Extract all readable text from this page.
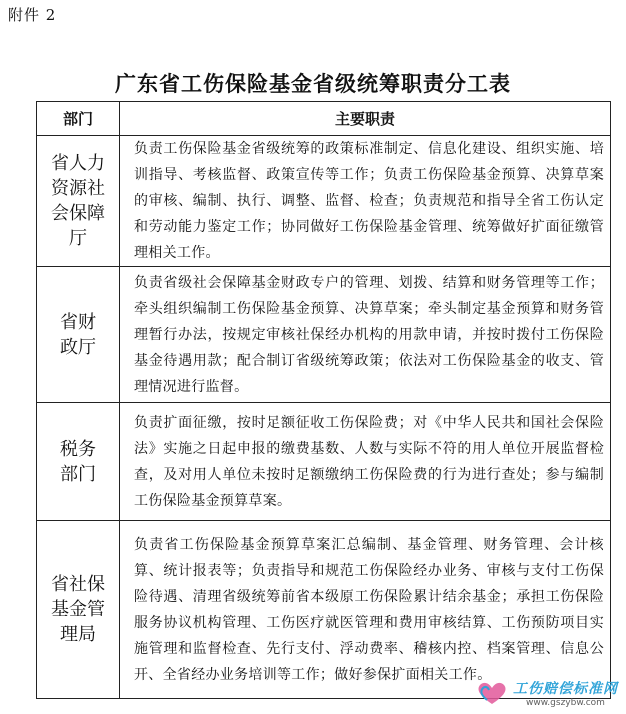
附件 2
广东省工伤保险基金省级统筹职责分工表
部门	主要职责

省人力
资源社
会保障
厅	负责工伤保险基金省级统筹的政策标准制定、信息化建设、组织实施、培训指导、考核监督、政策宣传等工作；负责工伤保险基金预算、决算草案的审核、编制、执行、调整、监督、检查；负责规范和指导全省工伤认定和劳动能力鉴定工作；协同做好工伤保险基金管理、统筹做好扩面征缴管理相关工作。

省财
政厅	负责省级社会保障基金财政专户的管理、划拨、结算和财务管理等工作；牵头组织编制工伤保险基金预算、决算草案；牵头制定基金预算和财务管理暂行办法，按规定审核社保经办机构的用款申请，并按时拨付工伤保险基金待遇用款；配合制订省级统筹政策；依法对工伤保险基金的收支、管理情况进行监督。

税务
部门	负责扩面征缴，按时足额征收工伤保险费；对《中华人民共和国社会保险法》实施之日起申报的缴费基数、人数与实际不符的用人单位开展监督检查，及对用人单位未按时足额缴纳工伤保险费的行为进行查处；参与编制工伤保险基金预算草案。

省社保
基金管
理局	负责省工伤保险基金预算草案汇总编制、基金管理、财务管理、会计核算、统计报表等；负责指导和规范工伤保险经办业务、审核与支付工伤保险待遇、清理省级统筹前省本级原工伤保险累计结余基金；承担工伤保险服务协议机构管理、工伤医疗就医管理和费用审核结算、工伤预防项目实施管理和监督检查、先行支付、浮动费率、稽核内控、档案管理、信息公开、全省经办业务培训等工作；做好参保扩面相关工作。
工伤赔偿标准网
www.gszybw.com
